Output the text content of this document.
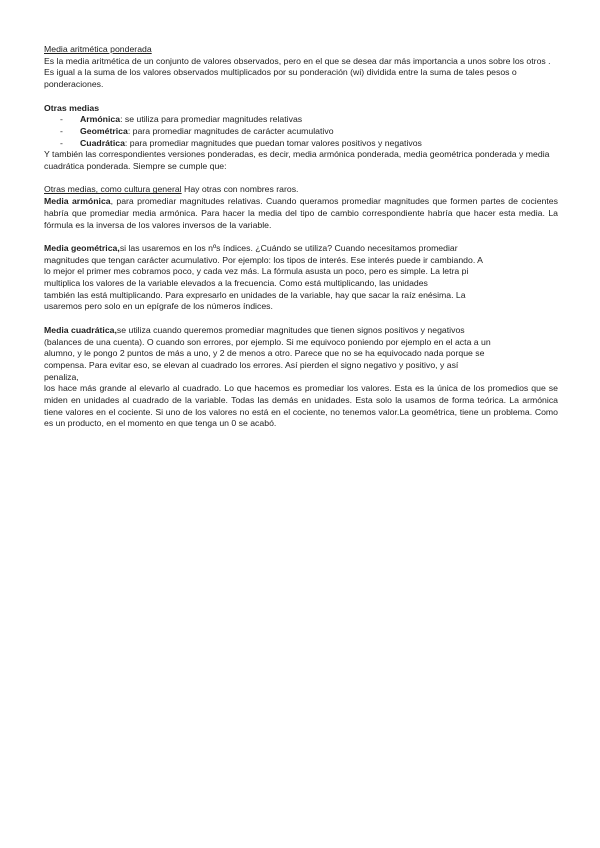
Media aritmética ponderada

Es la media aritmética de un conjunto de valores observados, pero en el que se desea dar más importancia a unos sobre los otros . Es igual a la suma de los valores observados multiplicados por su ponderación (wi) dividida entre la suma de tales pesos o ponderaciones.

Otras medias

- Armónica: se utiliza para promediar magnitudes relativas
- Geométrica: para promediar magnitudes de carácter acumulativo
- Cuadrática: para promediar magnitudes que puedan tomar valores positivos y negativos

Y también las correspondientes versiones ponderadas, es decir, media armónica ponderada, media geométrica ponderada y media cuadrática ponderada. Siempre se cumple que:

Otras medias, como cultura general Hay otras con nombres raros.

Media armónica, para promediar magnitudes relativas. Cuando queramos promediar magnitudes que formen partes de cocientes habría que promediar media armónica. Para hacer la media del tipo de cambio correspondiente habría que hacer esta media. La fórmula es la inversa de los valores inversos de la variable.

Media geométrica,si las usaremos en los nºs índices. ¿Cuándo se utiliza? Cuando necesitamos promediar

magnitudes que tengan carácter acumulativo. Por ejemplo: los tipos de interés. Ese interés puede ir cambiando. A

lo mejor el primer mes cobramos poco, y cada vez más. La fórmula asusta un poco, pero es simple. La letra pi

multiplica los valores de la variable elevados a la frecuencia. Como está multiplicando, las unidades

también las está multiplicando. Para expresarlo en unidades de la variable, hay que sacar la raíz enésima. La

usaremos pero solo en un epígrafe de los números índices.

Media cuadrática,se utiliza cuando queremos promediar magnitudes que tienen signos positivos y negativos

(balances de una cuenta). O cuando son errores, por ejemplo. Si me equivoco poniendo por ejemplo en el acta a un

alumno, y le pongo 2 puntos de más a uno, y 2 de menos a otro. Parece que no se ha equivocado nada porque se

compensa. Para evitar eso, se elevan al cuadrado los errores. Así pierden el signo negativo y positivo, y así

penaliza,

los hace más grande al elevarlo al cuadrado. Lo que hacemos es promediar los valores. Esta es la única de los promedios que se miden en unidades al cuadrado de la variable. Todas las demás en unidades. Esta solo la usamos de forma teórica. La armónica tiene valores en el cociente. Si uno de los valores no está en el cociente, no tenemos valor.La geométrica, tiene un problema. Como es un producto, en el momento en que tenga un 0 se acabó.
